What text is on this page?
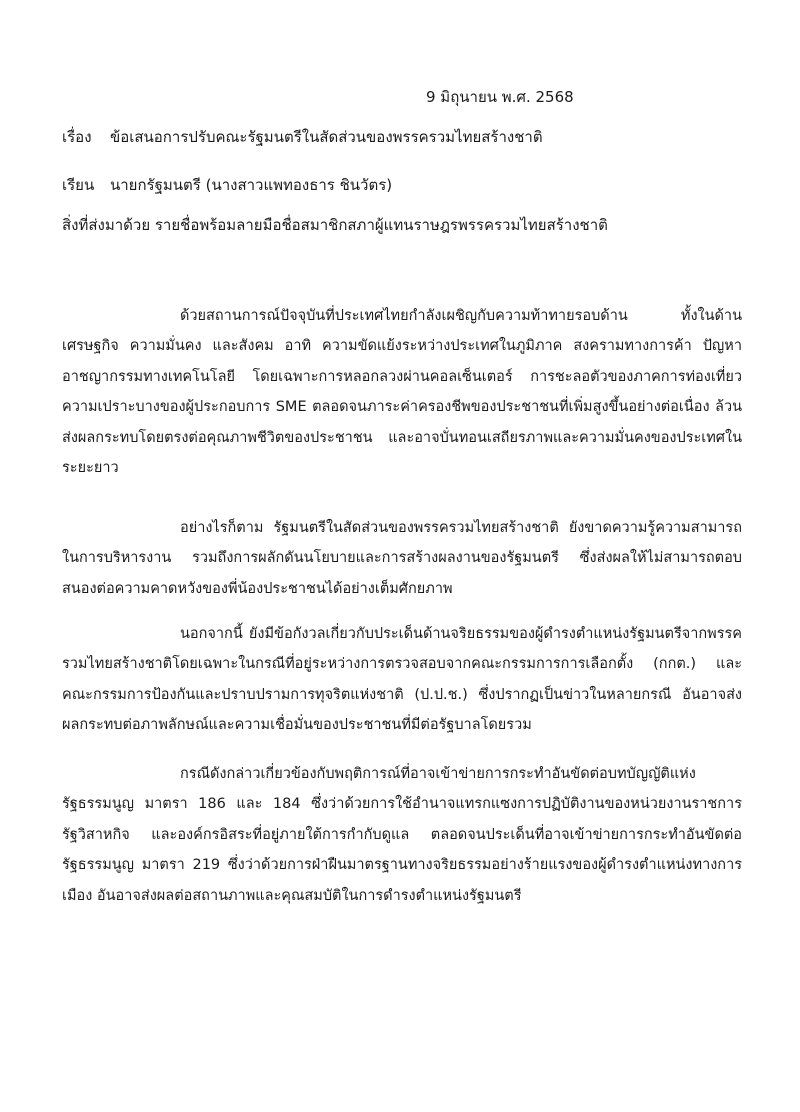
9 มิถุนายน พ.ศ. 2568
เรื่อง ข้อเสนอการปรับคณะรัฐมนตรีในสัดส่วนของพรรครวมไทยสร้างชาติ
เรียน นายกรัฐมนตรี (นางสาวแพทองธาร ชินวัตร)
สิ่งที่ส่งมาด้วย รายชื่อพร้อมลายมือชื่อสมาชิกสภาผู้แทนราษฎรพรรครวมไทยสร้างชาติ

ด้วยสถานการณ์ปัจจุบันที่ประเทศไทยกำลังเผชิญกับความท้าทายรอบด้าน ทั้งในด้านเศรษฐกิจ ความมั่นคง และสังคม อาทิ ความขัดแย้งระหว่างประเทศในภูมิภาค สงครามทางการค้า ปัญหาอาชญากรรมทางเทคโนโลยี โดยเฉพาะการหลอกลวงผ่านคอลเซ็นเตอร์ การชะลอตัวของภาคการท่องเที่ยว ความเปราะบางของผู้ประกอบการ SME ตลอดจนภาระค่าครองชีพของประชาชนที่เพิ่มสูงขึ้นอย่างต่อเนื่อง ล้วนส่งผลกระทบโดยตรงต่อคุณภาพชีวิตของประชาชน และอาจบั่นทอนเสถียรภาพและความมั่นคงของประเทศในระยะยาว

อย่างไรก็ตาม รัฐมนตรีในสัดส่วนของพรรครวมไทยสร้างชาติ ยังขาดความรู้ความสามารถในการบริหารงาน รวมถึงการผลักดันนโยบายและการสร้างผลงานของรัฐมนตรี ซึ่งส่งผลให้ไม่สามารถตอบสนองต่อความคาดหวังของพี่น้องประชาชนได้อย่างเต็มศักยภาพ

นอกจากนี้ ยังมีข้อกังวลเกี่ยวกับประเด็นด้านจริยธรรมของผู้ดำรงตำแหน่งรัฐมนตรีจากพรรครวมไทยสร้างชาติโดยเฉพาะในกรณีที่อยู่ระหว่างการตรวจสอบจากคณะกรรมการการเลือกตั้ง (กกต.) และคณะกรรมการป้องกันและปราบปรามการทุจริตแห่งชาติ (ป.ป.ช.) ซึ่งปรากฏเป็นข่าวในหลายกรณี อันอาจส่งผลกระทบต่อภาพลักษณ์และความเชื่อมั่นของประชาชนที่มีต่อรัฐบาลโดยรวม

กรณีดังกล่าวเกี่ยวข้องกับพฤติการณ์ที่อาจเข้าข่ายการกระทำอันขัดต่อบทบัญญัติแห่งรัฐธรรมนูญ มาตรา 186 และ 184 ซึ่งว่าด้วยการใช้อำนาจแทรกแซงการปฏิบัติงานของหน่วยงานราชการ รัฐวิสาหกิจ และองค์กรอิสระที่อยู่ภายใต้การกำกับดูแล ตลอดจนประเด็นที่อาจเข้าข่ายการกระทำอันขัดต่อรัฐธรรมนูญ มาตรา 219 ซึ่งว่าด้วยการฝ่าฝืนมาตรฐานทางจริยธรรมอย่างร้ายแรงของผู้ดำรงตำแหน่งทางการเมือง อันอาจส่งผลต่อสถานภาพและคุณสมบัติในการดำรงตำแหน่งรัฐมนตรี
